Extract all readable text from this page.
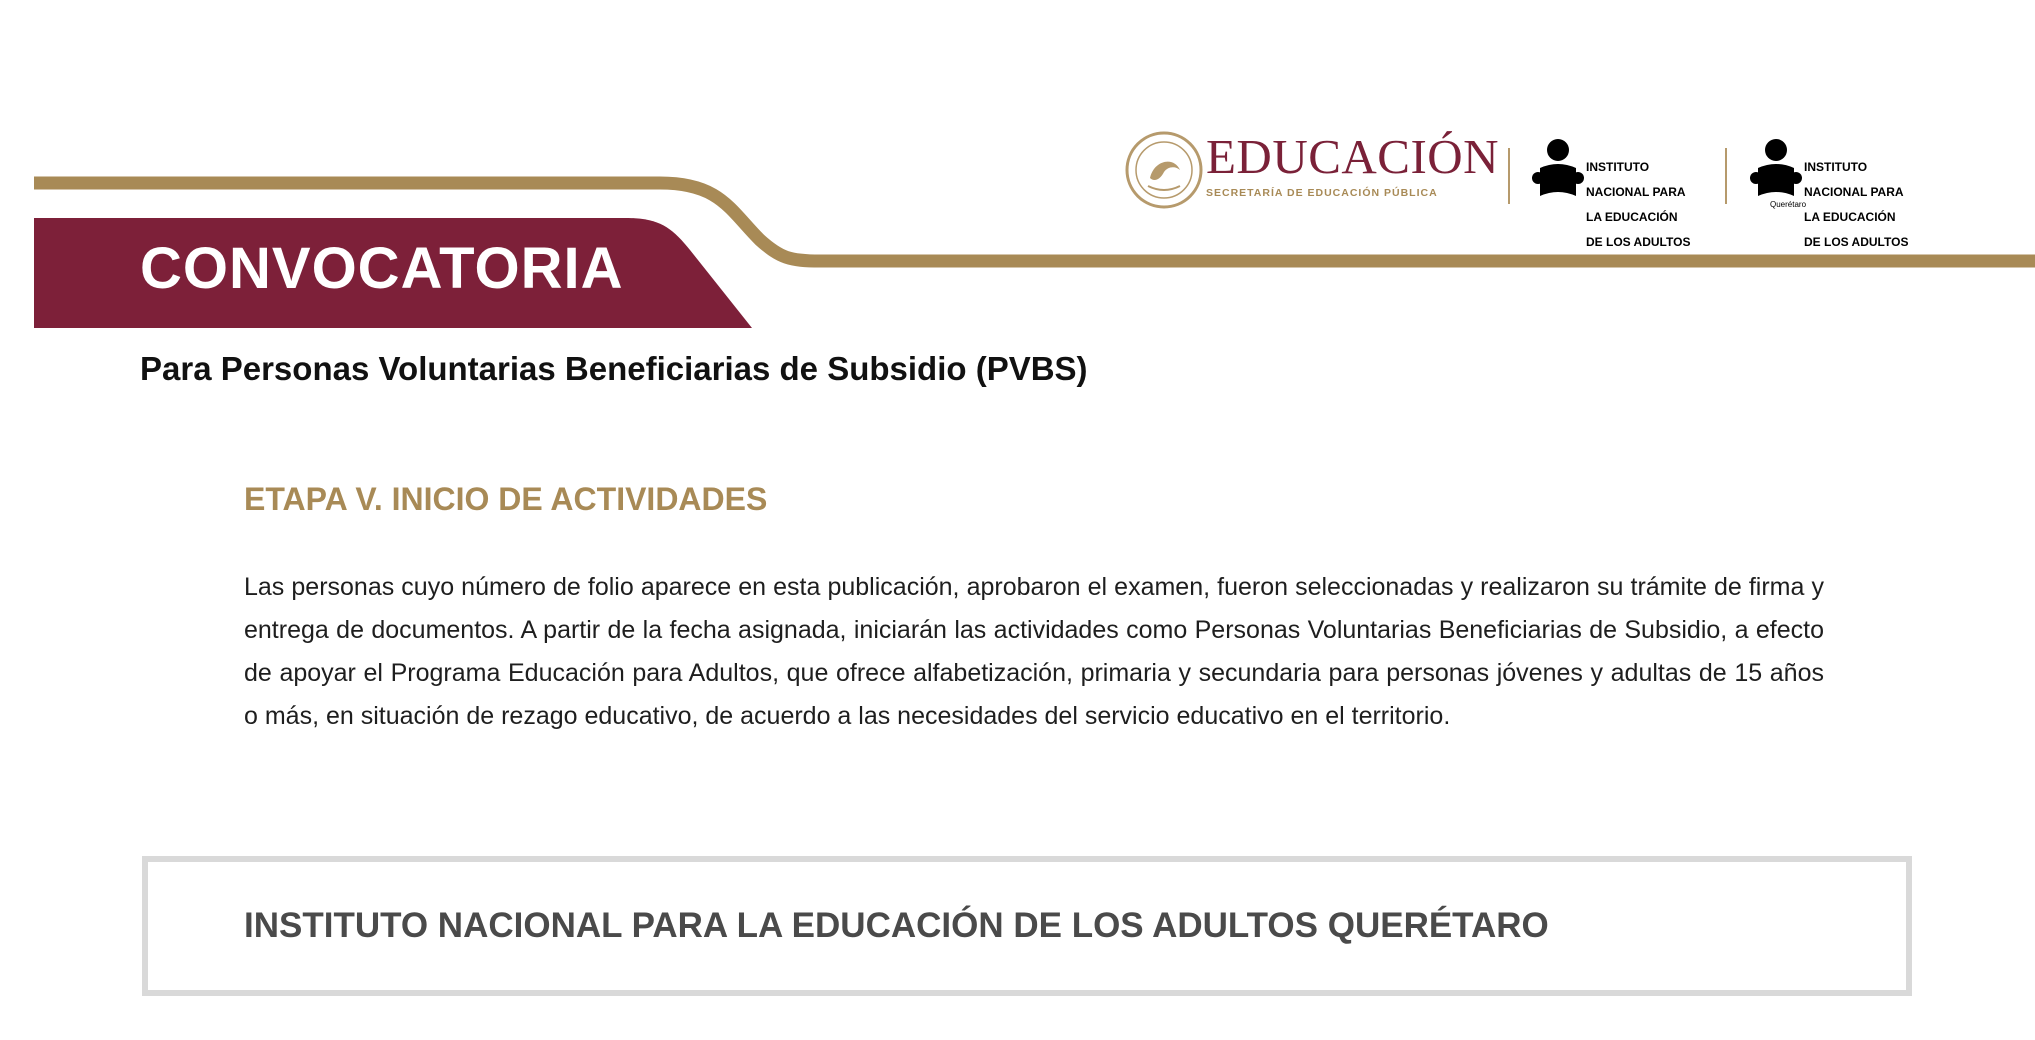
CONVOCATORIA
EDUCACIÓN
SECRETARÍA DE EDUCACIÓN PÚBLICA

INSTITUTO

NACIONAL PARA

LA EDUCACIÓN

DE LOS ADULTOS

INSTITUTO

NACIONAL PARA

LA EDUCACIÓN

DE LOS ADULTOS

Querétaro
Para Personas Voluntarias Beneficiarias de Subsidio (PVBS)
ETAPA V. INICIO DE ACTIVIDADES

Las personas cuyo número de folio aparece en esta publicación, aprobaron el examen, fueron seleccionadas y realizaron su trámite de firma y entrega de documentos. A partir de la fecha asignada, iniciarán las actividades como Personas Voluntarias Beneficiarias de Subsidio, a efecto de apoyar el Programa Educación para Adultos, que ofrece alfabetización, primaria y secundaria para personas jóvenes y adultas de 15 años o más, en situación de rezago educativo, de acuerdo a las necesidades del servicio educativo en el territorio.

INSTITUTO NACIONAL PARA LA EDUCACIÓN DE LOS ADULTOS QUERÉTARO
